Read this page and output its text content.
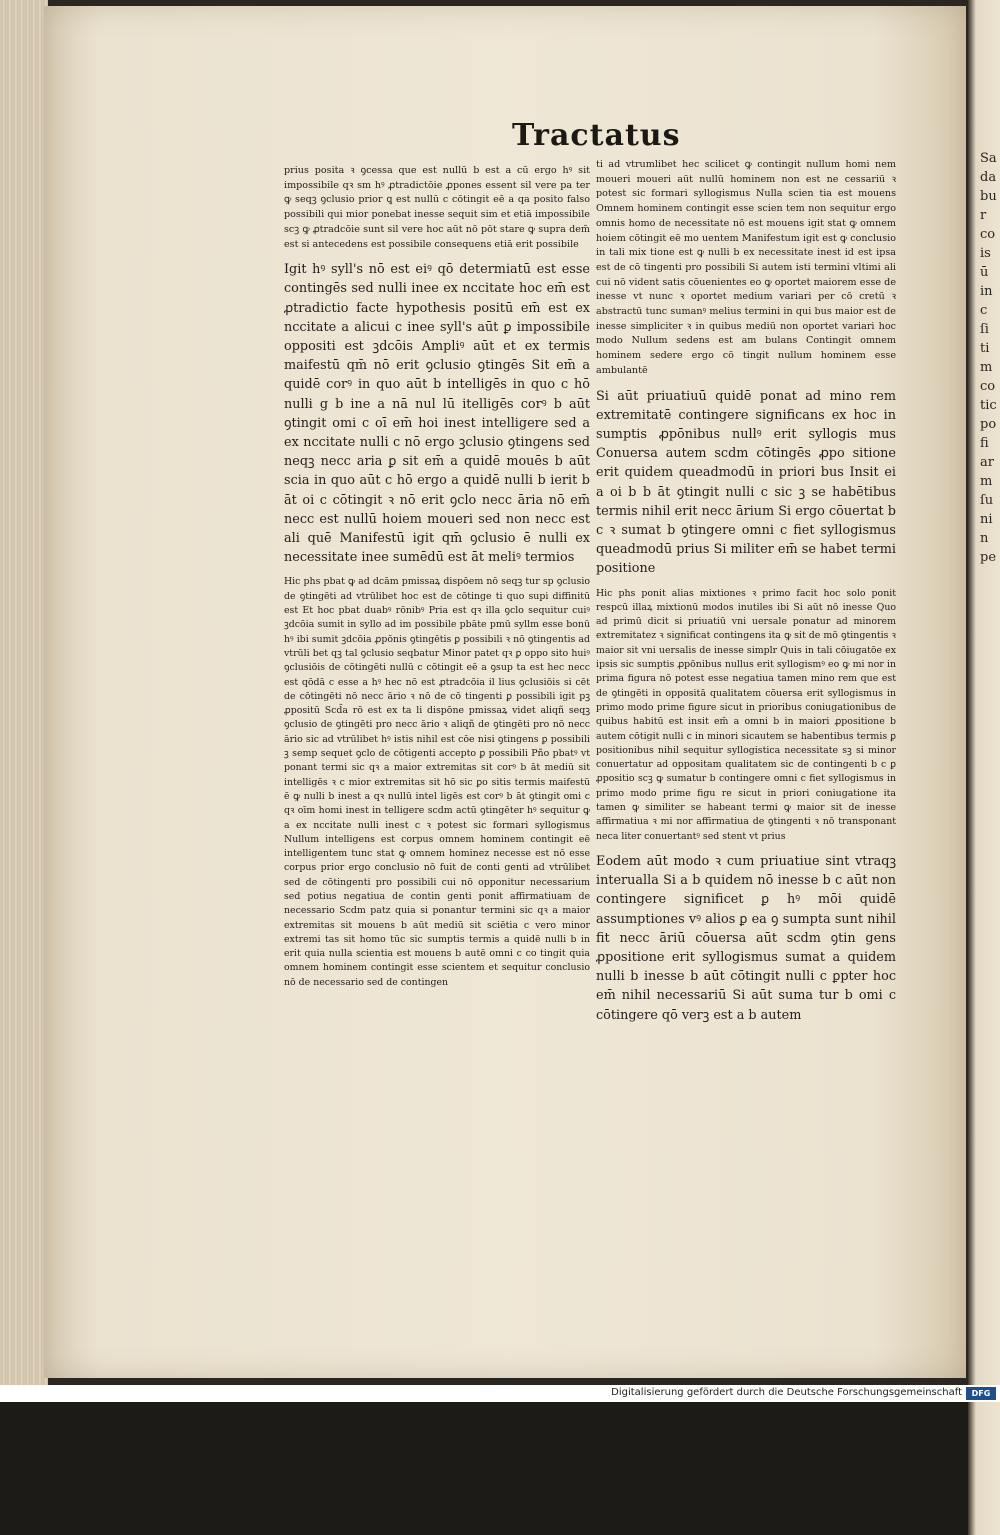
Sa
da
bu
r
co
is
ū
in
c
ſi
ti
m
co
tic
po
fi
ar
m
ſu
ni
n
pe
Tractatus

prius posita ꝛ ꝯcessa que est nullū b est a cū ergo hꝰ sit impossibile qꝛ sm hꝰ ꝓtradictōie ꝓpones essent sil vere pa ter ꝙ seqꝫ ꝯclusio prior ꝗ est nullū c cōtingit eē a qa posito falso possibili qui mior ponebat inesse sequit sim et etiā impossibile scꝫ ꝙ ꝓtradcōie sunt sil vere hoc aūt nō pōt stare ꝙ supra dem̄ est si antecedens est possibile consequens etiā erit possibile

Igit hꝰ syll's nō est eiꝰ qō determiatū est esse contingēs sed nulli inee ex nccitate hoc em̄ est ꝓtradictio facte hypothesis positū em̄ est ex nccitate a alicui c inee syll's aūt ꝑ impossibile oppositi est ꝫdcōis Ampliꝰ aūt et ex termis maifestū qm̄ nō erit ꝯclusio ꝯtingēs Sit em̄ a quidē corꝰ in quo aūt b intelligēs in quo c hō nulli g b ine a nā nul lū itelligēs corꝰ b aūt ꝯtingit omi c oī em̄ hoi inest intelligere sed a ex nccitate nulli c nō ergo ꝫclusio ꝯtingens sed neqꝫ necc aria ꝑ sit em̄ a quidē mouēs b aūt scia in quo aūt c hō ergo a quidē nulli b ierit b āt oi c cōtingit ꝛ nō erit ꝯclo necc āria nō em̄ necc est nullū hoiem moueri sed non necc est ali quē Manifestū igit qm̄ ꝯclusio ē nulli ex necessitate inee sumēdū est āt meliꝰ termios

Hic phs pbat ꝙ ad dcām pmissaꝝ dispōem nō seqꝫ tur sp ꝯclusio de ꝯtingēti ad vtrūlibet hoc est de cōtinge ti quo supi diffinitū est Et hoc pbat duabꝰ rōnibꝰ Pria est qꝛ illa ꝯclo sequitur cuiꝰ ꝫdcōia sumit in syllo ad im possibile pbāte pmū syllm esse bonū hꝰ ibi sumit ꝫdcōia ꝓpōnis ꝯtingētis ꝑ possibili ꝛ nō ꝯtingentis ad vtrūli bet qꝫ tal ꝯclusio seqbatur Minor patet qꝛ ꝑ oppo sito huiꝰ ꝯclusiōis de cōtingēti nullū c cōtingit eē a ꝯsup ta est hec necc est qōdā c esse a hꝰ hec nō est ꝓtradcōia il lius ꝯclusiōis si cēt de cōtingēti nō necc ārio ꝛ nō de cō tingenti ꝑ possibili igit pꝫ ꝓpositū Scd̄a rō est ex ta li dispōne pmissaꝝ videt aliqñ seqꝫ ꝯclusio de ꝯtingēti pro necc ārio ꝛ aliqñ de ꝯtingēti pro nō necc ārio sic ad vtrūlibet hꝰ istis nihil est cōe nisi ꝯtingens ꝑ possibili ꝫ semp sequet ꝯclo de cōtigenti accepto ꝑ possibili Pño pbatꝰ vt ponant termi sic qꝛ a maior extremitas sit corꝰ b āt mediū sit intelligēs ꝛ c mior extremitas sit hō sic ꝑo sitis termis maifestū ē ꝙ nulli b inest a qꝛ nullū intel ligēs est corꝰ b āt ꝯtingit omi c qꝛ oīm homi inest in telligere scdm actū ꝯtingēter hꝰ sequitur ꝙ a ex nccitate nulli inest c ꝛ potest sic formari syllogismus Nullum intelligens est corpus omnem hominem contingit eē intelligentem tunc stat ꝙ omnem hominez necesse est nō esse corpus prior ergo conclusio nō fuit de conti genti ad vtrūlibet sed de cōtingenti pro possibili cui nō opponitur necessarium sed potius negatiua de contin genti ponit affirmatiuam de necessario Scdm patz quia si ponantur termini sic qꝛ a maior extremitas sit mouens b aūt mediū sit sciētia c vero minor extremi tas sit homo tūc sic sumptis termis a quidē nulli b in erit quia nulla scientia est mouens b autē omni c co tingit quia omnem hominem contingit esse scientem et sequitur conclusio nō de necessario sed de contingen

ti ad vtrumlibet hec scilicet ꝙ contingit nullum homi nem moueri moueri aūt nullū hominem non est ne cessariū ꝛ potest sic formari syllogismus Nulla scien tia est mouens Omnem hominem contingit esse scien tem non sequitur ergo omnis homo de necessitate nō est mouens igit stat ꝙ omnem hoiem cōtingit eē mo uentem Manifestum igit est ꝙ conclusio in tali mix tione est ꝙ nulli b ex necessitate inest id est ipsa est de cō tingenti pro possibili Si autem isti termini vltimi ali cui nō vident satis cōuenientes eo ꝙ oportet maiorem esse de inesse vt nunc ꝛ oportet medium variari per cō cretū ꝛ abstractū tunc sumanꝰ melius termini in qui bus maior est de inesse simpliciter ꝛ in quibus mediū non oportet variari hoc modo Nullum sedens est am bulans Contingit omnem hominem sedere ergo cō tingit nullum hominem esse ambulantē

Si aūt priuatiuū quidē ponat ad mino rem extremitatē contingere significans ex hoc in sumptis ꝓpōnibus nullꝰ erit syllogis mus Conuersa autem scdm cōtingēs ꝓpo sitione erit quidem queadmodū in priori bus Insit ei a oi b b āt ꝯtingit nulli c sic ꝫ se habētibus termis nihil erit necc ārium Si ergo cōuertat b c ꝛ sumat b ꝯtingere omni c fiet syllogismus queadmodū prius Si militer em̄ se habet termi positione

Hic phs ponit alias mixtiones ꝛ primo facit hoc solo ponit respcū illaꝝ mixtionū modos inutiles ibi Si aūt nō inesse Quo ad primū dicit si priuatiū vni uersale ponatur ad minorem extremitatez ꝛ significat contingens ita ꝙ sit de mō ꝯtingentis ꝛ maior sit vni uersalis de inesse simplr Quis in tali cōiugatōe ex ipsis sic sumptis ꝓpōnibus nullus erit syllogismꝰ eo ꝙ mi nor in prima figura nō potest esse negatiua tamen mino rem que est de ꝯtingēti in oppositā qualitatem cōuersa erit syllogismus in primo modo prime figure sicut in prioribus coniugationibus de quibus habitū est insit em̄ a omni b in maiori ꝓpositione b autem cōtigit nulli c in minori sicautem se habentibus termis ꝑ positionibus nihil sequitur syllogistica necessitate sꝫ si minor conuertatur ad oppositam qualitatem sic de contingenti b c ꝑ ꝓpositio scꝫ ꝙ sumatur b contingere omni c fiet syllogismus in primo modo prime figu re sicut in priori coniugatione ita tamen ꝙ similiter se habeant termi ꝙ maior sit de inesse affirmatiua ꝛ mi nor affirmatiua de ꝯtingenti ꝛ nō transponant neca liter conuertantꝰ sed stent vt prius

Eodem aūt modo ꝛ cum priuatiue sint vtraqꝫ interualla Si a b quidem nō inesse b c aūt non contingere significet ꝑ hꝰ mōi quidē assumptiones vꝰ alios ꝑ ea ꝯ sumpta sunt nihil fit necc āriū cōuersa aūt scdm ꝯtin gens ꝓpositione erit syllogismus sumat a quidem nulli b inesse b aūt cōtingit nulli c ꝑpter hoc em̄ nihil necessariū Si aūt suma tur b omi c cōtingere qō verꝫ est a b autem

Digitalisierung gefördert durch die Deutsche Forschungsgemeinschaft	DFG
